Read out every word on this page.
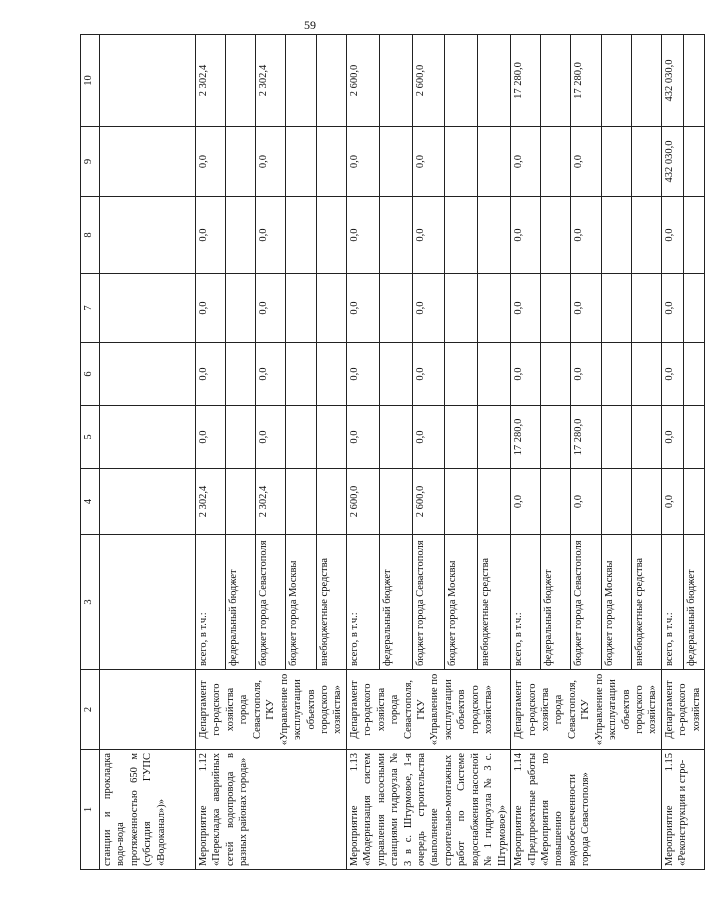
59
1	2	3	4	5	6	7	8	9	10
станции и прокладка водо-вода протяженностью 650 м (субсидия ГУПС «Водоканал»)»									
Мероприятие 1.12 «Перекладка аварийных сетей водопровода в разных районах города»	Департамент го-родского хозяйства города Севастополя, ГКУ «Управление по эксплуатации объектов городского хозяйства»	всего, в т.ч.:	2 302,4	0,0	0,0	0,0	0,0	0,0	2 302,4
		федеральный бюджет							
		бюджет города Севастополя	2 302,4	0,0	0,0	0,0	0,0	0,0	2 302,4
		бюджет города Москвы							
		внебюджетные средства							
Мероприятие 1.13 «Модернизация систем управления насосными станциями гидроузла № 3 в с. Штурмовое, 1-я очередь строительства (выполнение строительно-монтажных работ по Системе водоснабжения насосной № 1 гидроузла № 3 с. Штурмовое)»	Департамент го-родского хозяйства города Севастополя, ГКУ «Управление по эксплуатации объектов городского хозяйства»	всего, в т.ч.:	2 600,0	0,0	0,0	0,0	0,0	0,0	2 600,0
		федеральный бюджет							
		бюджет города Севастополя	2 600,0	0,0	0,0	0,0	0,0	0,0	2 600,0
		бюджет города Москвы							
		внебюджетные средства							
Мероприятие 1.14 «Предпроектные работы «Мероприятия по повышению водообеспеченности города Севастополя»	Департамент го-родского хозяйства города Севастополя, ГКУ «Управление по эксплуатации объектов городского хозяйства»	всего, в т.ч.:	0,0	17 280,0	0,0	0,0	0,0	0,0	17 280,0
		федеральный бюджет							
		бюджет города Севастополя	0,0	17 280,0	0,0	0,0	0,0	0,0	17 280,0
		бюджет города Москвы							
		внебюджетные средства							
Мероприятие 1.15 «Реконструкция и стро-	Департамент го-родского хозяйства	всего, в т.ч.:	0,0	0,0	0,0	0,0	0,0	432 030,0	432 030,0
		федеральный бюджет							
